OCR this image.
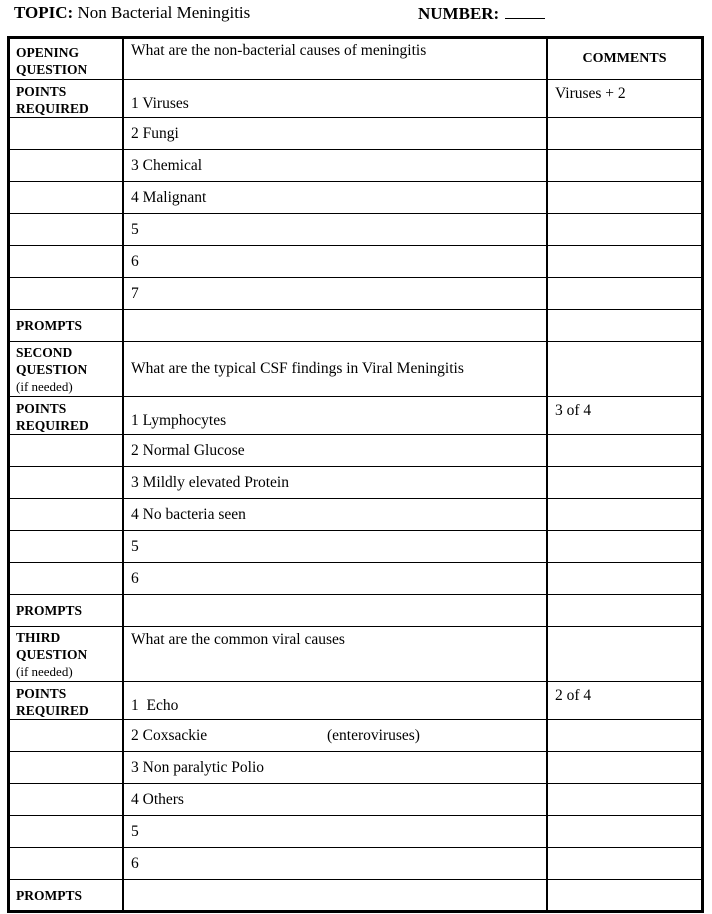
TOPIC: Non Bacterial Meningitis	NUMBER:
OPENING
QUESTION	What are the non-bacterial causes of meningitis	COMMENTS

POINTS
REQUIRED	1 Viruses	Viruses + 2
	2 Fungi	
	3 Chemical	
	4 Malignant	
	5	
	6	
	7	
PROMPTS		

SECOND
QUESTION
(if needed)	What are the typical CSF findings in Viral Meningitis	

POINTS
REQUIRED	1 Lymphocytes	3 of 4
	2 Normal Glucose	
	3 Mildly elevated Protein	
	4 No bacteria seen	
	5	
	6	
PROMPTS		

THIRD
QUESTION
(if needed)	What are the common viral causes	

POINTS
REQUIRED	1  Echo	2 of 4

	2 Coxsackie (enteroviruses)	

	3 Non paralytic Polio	
	4 Others	
	5	
	6	
PROMPTS		
